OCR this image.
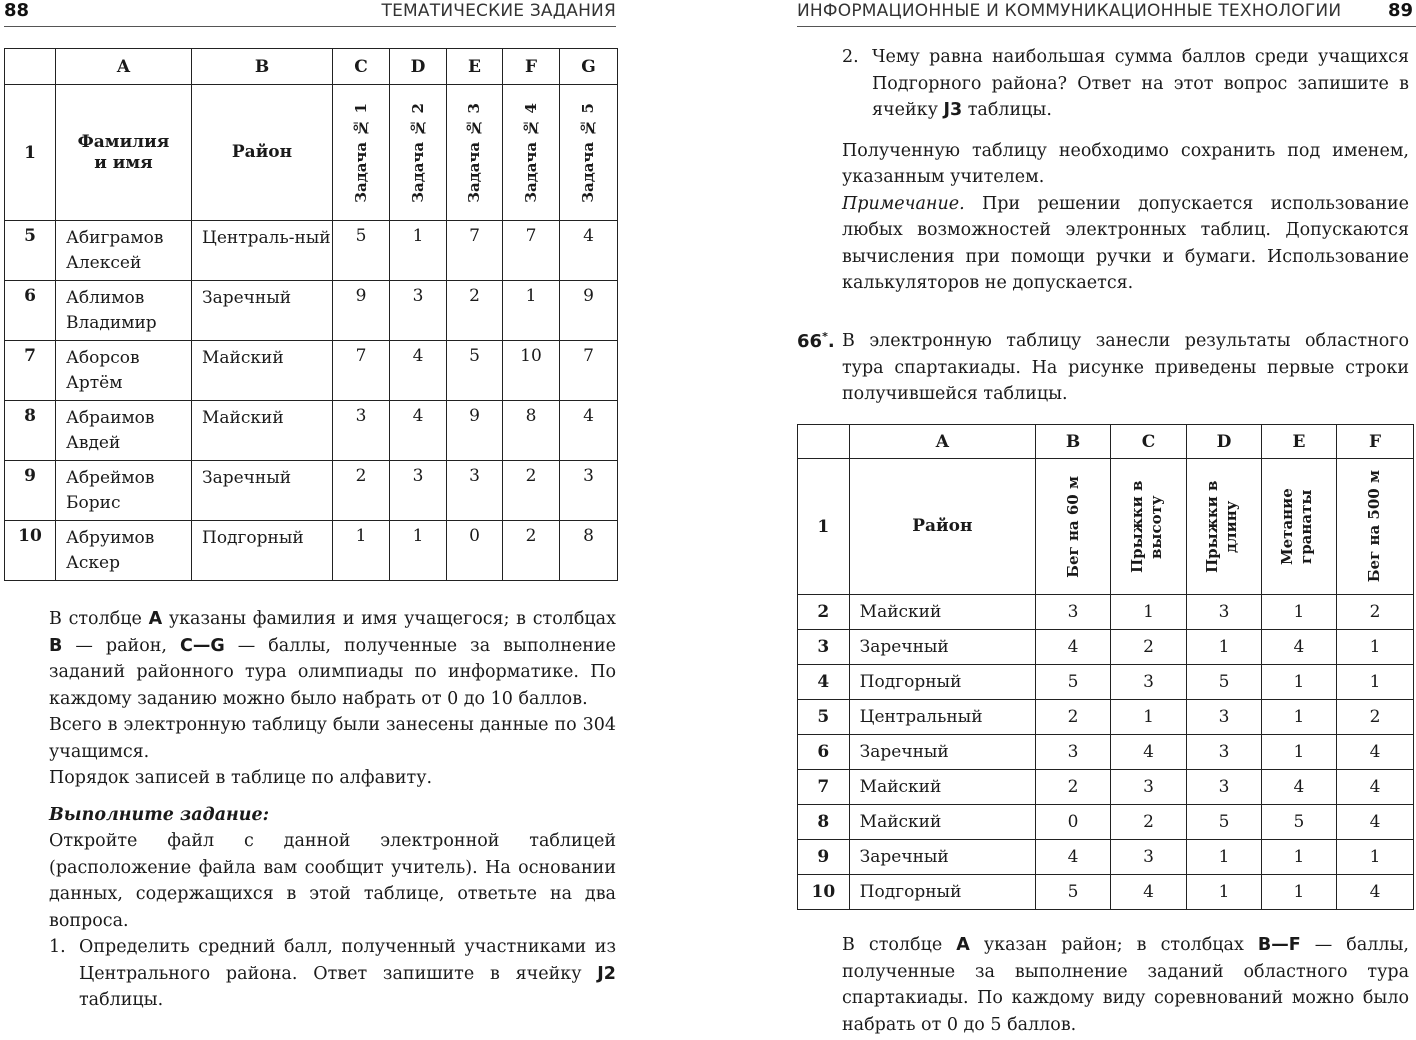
88	ТЕМАТИЧЕСКИЕ ЗАДАНИЯ
	A	B	C	D	E	F	G
1	Фамилия и имя	Район	Задача № 1	Задача № 2	Задача № 3	Задача № 4	Задача № 5

5	Абиграмов Алексей	Централь-ный	5	1	7	7	4
6	Аблимов Владимир	Заречный	9	3	2	1	9
7	Аборсов Артём	Майский	7	4	5	10	7
8	Абраимов Авдей	Майский	3	4	9	8	4
9	Абреймов Борис	Заречный	2	3	3	2	3
10	Абруимов Аскер	Подгорный	1	1	0	2	8
В столбце A указаны фамилия и имя учащегося; в столбцах B — район, C—G — баллы, полученные за выполнение заданий районного тура олимпиады по информатике. По каждому заданию можно было набрать от 0 до 10 баллов.
Всего в электронную таблицу были занесены данные по 304 учащимся.
Порядок записей в таблице по алфавиту.
Выполните задание:
Откройте файл с данной электронной таблицей (расположение файла вам сообщит учитель). На основании данных, содержащихся в этой таблице, ответьте на два вопроса.
1. Определить средний балл, полученный участниками из Центрального района. Ответ запишите в ячейку J2 таблицы.
ИНФОРМАЦИОННЫЕ И КОММУНИКАЦИОННЫЕ ТЕХНОЛОГИИ	89
2. Чему равна наибольшая сумма баллов среди учащихся Подгорного района? Ответ на этот вопрос запишите в ячейку J3 таблицы.
Полученную таблицу необходимо сохранить под именем, указанным учителем.
Примечание. При решении допускается использование любых возможностей электронных таблиц. Допускаются вычисления при помощи ручки и бумаги. Использование калькуляторов не допускается.
66*. В электронную таблицу занесли результаты областного тура спартакиады. На рисунке приведены первые строки получившейся таблицы.
	A	B	C	D	E	F
1	Район	Бег на 60 м	Прыжки в высоту	Прыжки в длину	Метание гранаты	Бег на 500 м

2	Майский	3	1	3	1	2
3	Заречный	4	2	1	4	1
4	Подгорный	5	3	5	1	1
5	Центральный	2	1	3	1	2
6	Заречный	3	4	3	1	4
7	Майский	2	3	3	4	4
8	Майский	0	2	5	5	4
9	Заречный	4	3	1	1	1
10	Подгорный	5	4	1	1	4
В столбце A указан район; в столбцах B—F — баллы, полученные за выполнение заданий областного тура спартакиады. По каждому виду соревнований можно было набрать от 0 до 5 баллов.
